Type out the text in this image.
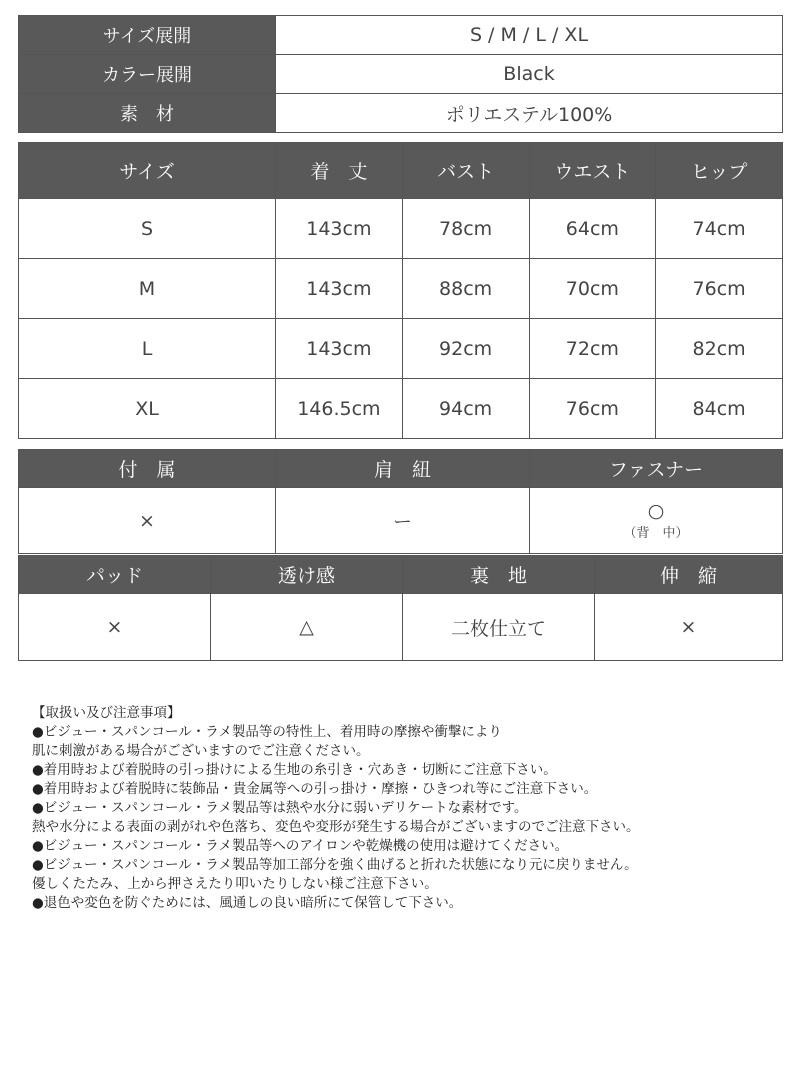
サイズ展開	S / M / L / XL
カラー展開	Black
素　材	ポリエステル100%
サイズ	着　丈	バスト	ウエスト	ヒップ
S	143cm	78cm	64cm	74cm
M	143cm	88cm	70cm	76cm
L	143cm	92cm	72cm	82cm
XL	146.5cm	94cm	76cm	84cm
付　属	肩　紐	ファスナー
×	ー	○
（背　中）
パッド	透け感	裏　地	伸　縮
×	△	二枚仕立て	×
【取扱い及び注意事項】
●ビジュー・スパンコール・ラメ製品等の特性上、着用時の摩擦や衝撃により
肌に刺激がある場合がございますのでご注意ください。
●着用時および着脱時の引っ掛けによる生地の糸引き・穴あき・切断にご注意下さい。
●着用時および着脱時に装飾品・貴金属等への引っ掛け・摩擦・ひきつれ等にご注意下さい。
●ビジュー・スパンコール・ラメ製品等は熱や水分に弱いデリケートな素材です。
熱や水分による表面の剥がれや色落ち、変色や変形が発生する場合がございますのでご注意下さい。
●ビジュー・スパンコール・ラメ製品等へのアイロンや乾燥機の使用は避けてください。
●ビジュー・スパンコール・ラメ製品等加工部分を強く曲げると折れた状態になり元に戻りません。
優しくたたみ、上から押さえたり叩いたりしない様ご注意下さい。
●退色や変色を防ぐためには、風通しの良い暗所にて保管して下さい。
